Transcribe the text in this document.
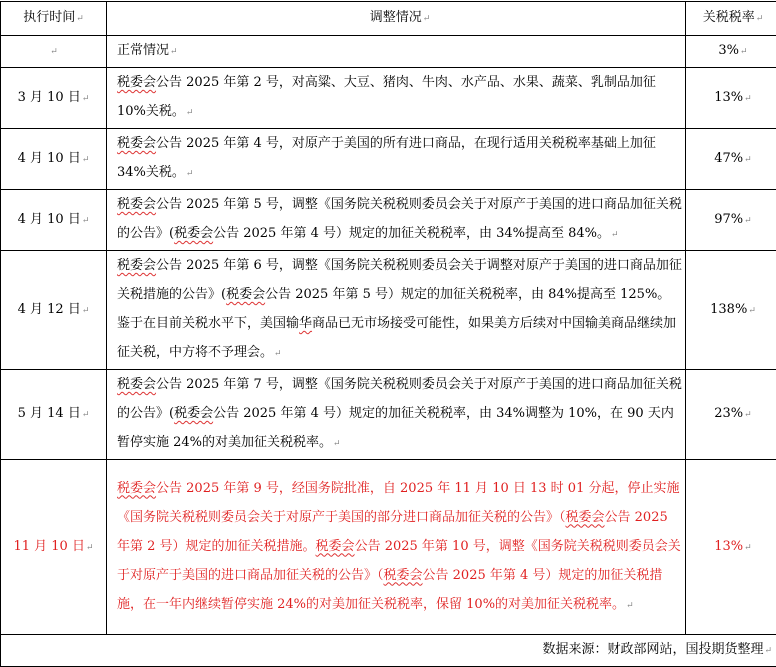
执行时间↵	调整情况↵	关税税率↵
↵	正常情况↵	3%↵
3 月 10 日↵	税委会公告 2025 年第 2 号，对高粱、大豆、猪肉、牛肉、水产品、水果、蔬菜、乳制品加征 10%关税。↵	13%↵
4 月 10 日↵	税委会公告 2025 年第 4 号，对原产于美国的所有进口商品，在现行适用关税税率基础上加征 34%关税。↵	47%↵
4 月 10 日↵	税委会公告 2025 年第 5 号，调整《国务院关税税则委员会关于对原产于美国的进口商品加征关税的公告》(税委会公告 2025 年第 4 号）规定的加征关税税率，由 34%提高至 84%。↵	97%↵
4 月 12 日↵	税委会公告 2025 年第 6 号，调整《国务院关税税则委员会关于调整对原产于美国的进口商品加征关税措施的公告》(税委会公告 2025 年第 5 号）规定的加征关税税率，由 84%提高至 125%。鉴于在目前关税水平下，美国输华商品已无市场接受可能性，如果美方后续对中国输美商品继续加征关税，中方将不予理会。↵	138%↵
5 月 14 日↵	税委会公告 2025 年第 7 号，调整《国务院关税税则委员会关于对原产于美国的进口商品加征关税的公告》(税委会公告 2025 年第 4 号）规定的加征关税税率，由 34%调整为 10%，在 90 天内暂停实施 24%的对美加征关税税率。↵	23%↵
11 月 10 日↵	税委会公告 2025 年第 9 号，经国务院批准，自 2025 年 11 月 10 日 13 时 01 分起，停止实施《国务院关税税则委员会关于对原产于美国的部分进口商品加征关税的公告》（税委会公告 2025 年第 2 号）规定的加征关税措施。税委会公告 2025 年第 10 号，调整《国务院关税税则委员会关于对原产于美国的进口商品加征关税的公告》（税委会公告 2025 年第 4 号）规定的加征关税措施，在一年内继续暂停实施 24%的对美加征关税税率，保留 10%的对美加征关税税率。↵	13%↵
数据来源：财政部网站，国投期货整理↵		
